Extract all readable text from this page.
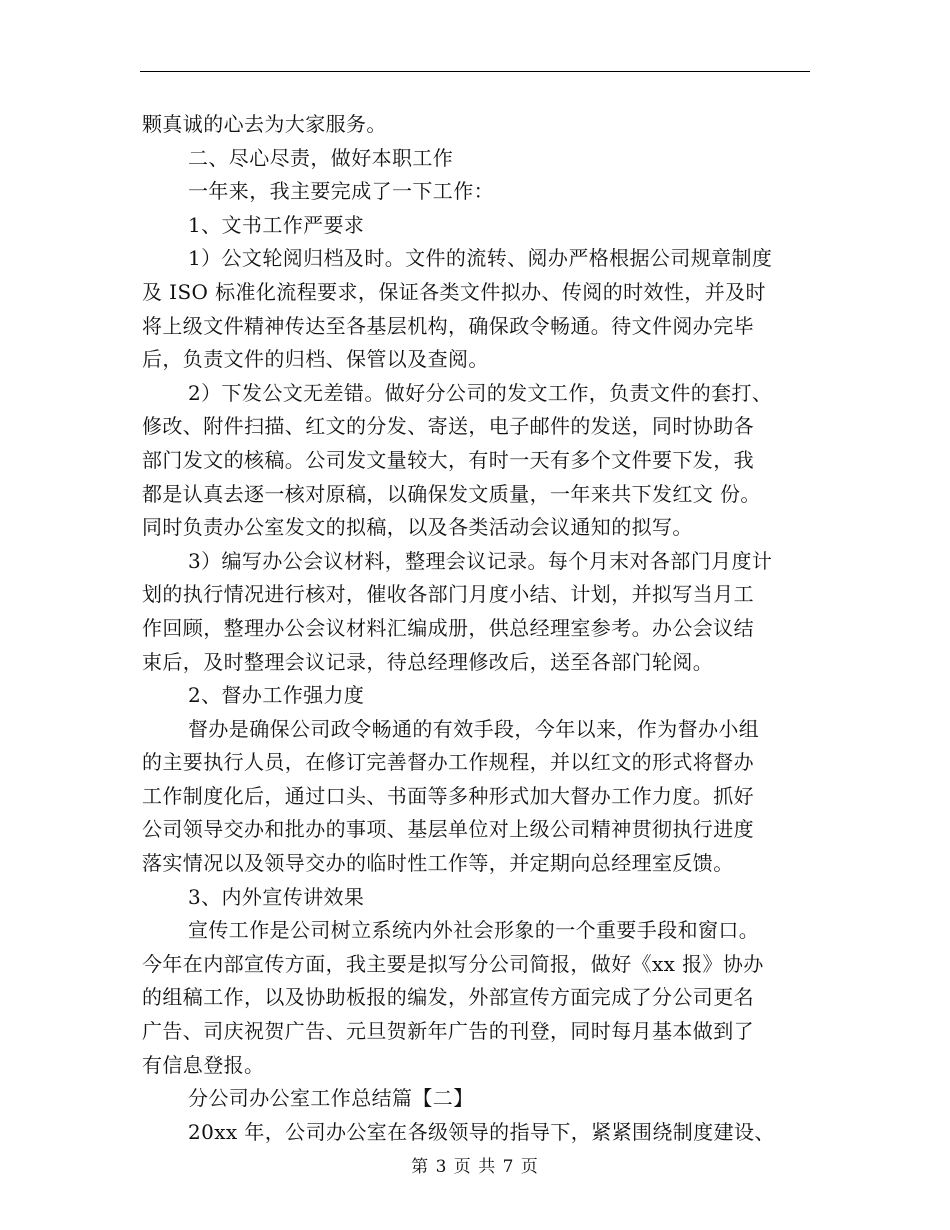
颗真诚的心去为大家服务。
二、尽心尽责，做好本职工作
一年来，我主要完成了一下工作：
1、文书工作严要求
1）公文轮阅归档及时。文件的流转、阅办严格根据公司规章制度
及 ISO 标准化流程要求，保证各类文件拟办、传阅的时效性，并及时
将上级文件精神传达至各基层机构，确保政令畅通。待文件阅办完毕
后，负责文件的归档、保管以及查阅。
2）下发公文无差错。做好分公司的发文工作，负责文件的套打、
修改、附件扫描、红文的分发、寄送，电子邮件的发送，同时协助各
部门发文的核稿。公司发文量较大，有时一天有多个文件要下发，我
都是认真去逐一核对原稿，以确保发文质量，一年来共下发红文 份。
同时负责办公室发文的拟稿，以及各类活动会议通知的拟写。
3）编写办公会议材料，整理会议记录。每个月末对各部门月度计
划的执行情况进行核对，催收各部门月度小结、计划，并拟写当月工
作回顾，整理办公会议材料汇编成册，供总经理室参考。办公会议结
束后，及时整理会议记录，待总经理修改后，送至各部门轮阅。
2、督办工作强力度
督办是确保公司政令畅通的有效手段，今年以来，作为督办小组
的主要执行人员，在修订完善督办工作规程，并以红文的形式将督办
工作制度化后，通过口头、书面等多种形式加大督办工作力度。抓好
公司领导交办和批办的事项、基层单位对上级公司精神贯彻执行进度
落实情况以及领导交办的临时性工作等，并定期向总经理室反馈。
3、内外宣传讲效果
宣传工作是公司树立系统内外社会形象的一个重要手段和窗口。
今年在内部宣传方面，我主要是拟写分公司简报，做好《xx 报》协办
的组稿工作，以及协助板报的编发，外部宣传方面完成了分公司更名
广告、司庆祝贺广告、元旦贺新年广告的刊登，同时每月基本做到了
有信息登报。
分公司办公室工作总结篇【二】
20xx 年，公司办公室在各级领导的指导下，紧紧围绕制度建设、
第 3 页 共 7 页
